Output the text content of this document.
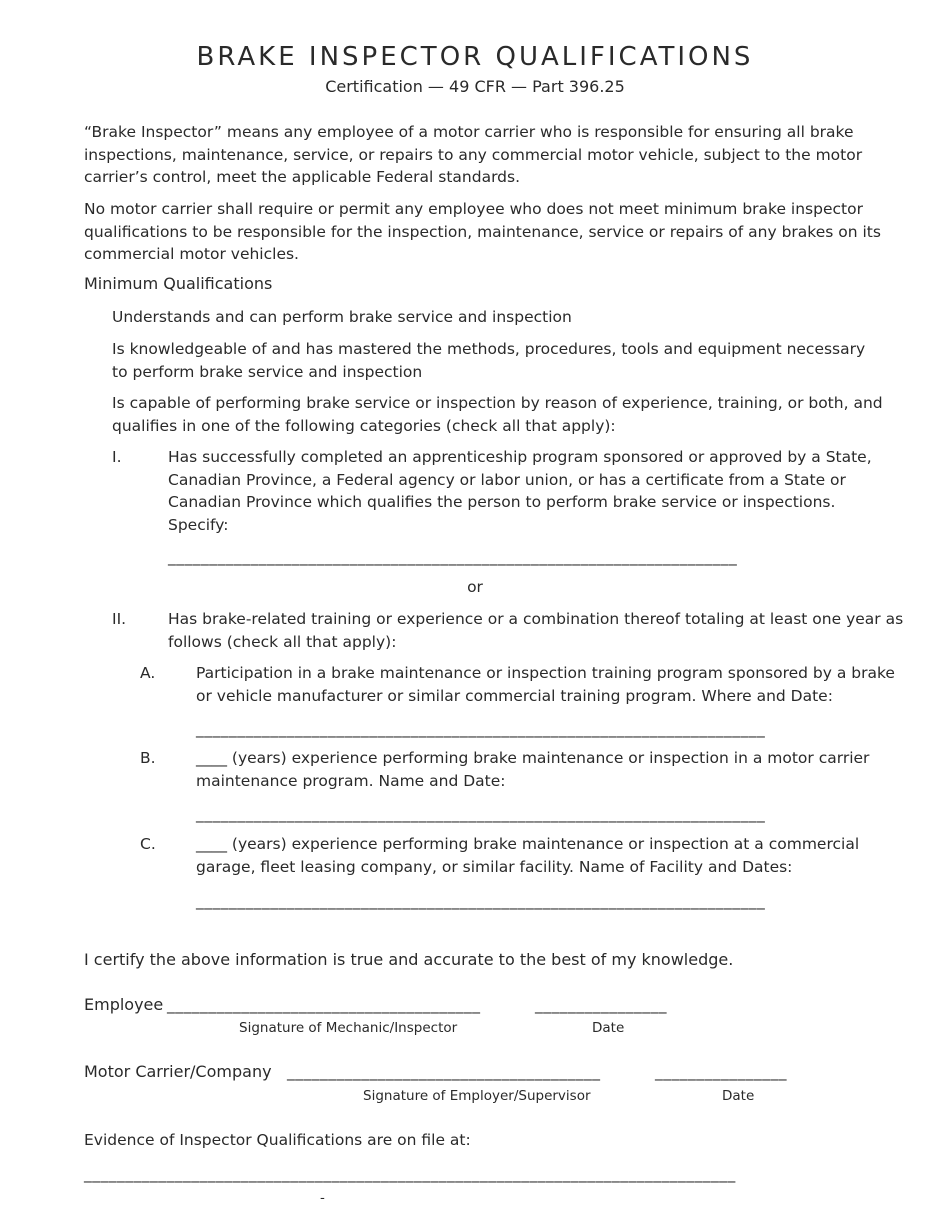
BRAKE INSPECTOR QUALIFICATIONS
Certification — 49 CFR — Part 396.25
“Brake Inspector” means any employee of a motor carrier who is responsible for ensuring all brake
inspections, maintenance, service, or repairs to any commercial motor vehicle, subject to the motor
carrier’s control, meet the applicable Federal standards.
No motor carrier shall require or permit any employee who does not meet minimum brake inspector
qualifications to be responsible for the inspection, maintenance, service or repairs of any brakes on its
commercial motor vehicles.
Minimum Qualifications
Understands and can perform brake service and inspection
Is knowledgeable of and has mastered the methods, procedures, tools and equipment necessary
to perform brake service and inspection
Is capable of performing brake service or inspection by reason of experience, training, or both, and
qualifies in one of the following categories (check all that apply):
I.	Has successfully completed an apprenticeship program sponsored or approved by a State,
Canadian Province, a Federal agency or labor union, or has a certificate from a State or
Canadian Province which qualifies the person to perform brake service or inspections.
Specify:
_____________________________________________________________________
or
II.	Has brake-related training or experience or a combination thereof totaling at least one year as
follows (check all that apply):
A.	Participation in a brake maintenance or inspection training program sponsored by a brake
or vehicle manufacturer or similar commercial training program. Where and Date:
_____________________________________________________________________
B.	____ (years) experience performing brake maintenance or inspection in a motor carrier
maintenance program. Name and Date:
_____________________________________________________________________
C.	____ (years) experience performing brake maintenance or inspection at a commercial
garage, fleet leasing company, or similar facility. Name of Facility and Dates:
_____________________________________________________________________
I certify the above information is true and accurate to the best of my knowledge.
Employee ______________________________________	________________
Signature of Mechanic/Inspector	Date
Motor Carrier/Company ______________________________________	________________
Signature of Employer/Supervisor	Date
Evidence of Inspector Qualifications are on file at:
_______________________________________________________________________________
-
